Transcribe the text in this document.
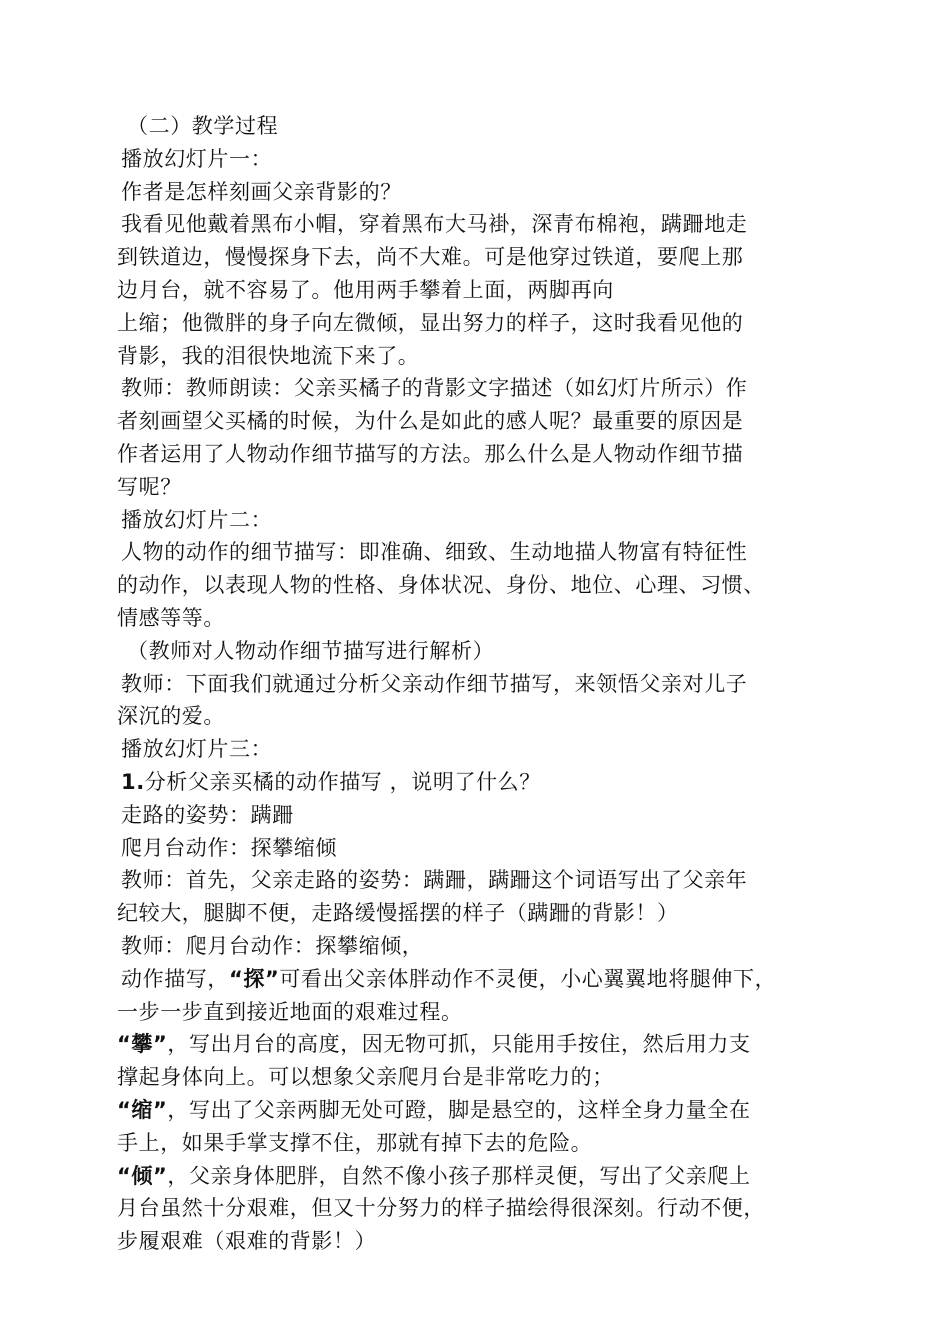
（二）教学过程
播放幻灯片一：
作者是怎样刻画父亲背影的？
我看见他戴着黑布小帽，穿着黑布大马褂，深青布棉袍，蹒跚地走
到铁道边，慢慢探身下去，尚不大难。可是他穿过铁道，要爬上那
边月台，就不容易了。他用两手攀着上面，两脚再向
上缩；他微胖的身子向左微倾，显出努力的样子，这时我看见他的
背影，我的泪很快地流下来了。
教师：教师朗读：父亲买橘子的背影文字描述（如幻灯片所示）作
者刻画望父买橘的时候，为什么是如此的感人呢？最重要的原因是
作者运用了人物动作细节描写的方法。那么什么是人物动作细节描
写呢？
播放幻灯片二：
人物的动作的细节描写：即准确、细致、生动地描人物富有特征性
的动作，以表现人物的性格、身体状况、身份、地位、心理、习惯、
情感等等。
（教师对人物动作细节描写进行解析）
教师：下面我们就通过分析父亲动作细节描写，来领悟父亲对儿子
深沉的爱。
播放幻灯片三：
1.分析父亲买橘的动作描写 ，说明了什么？
走路的姿势：蹒跚
爬月台动作：探攀缩倾
教师：首先，父亲走路的姿势：蹒跚，蹒跚这个词语写出了父亲年
纪较大，腿脚不便，走路缓慢摇摆的样子（蹒跚的背影！）
教师：爬月台动作：探攀缩倾，
动作描写，“探”可看出父亲体胖动作不灵便，小心翼翼地将腿伸下，
一步一步直到接近地面的艰难过程。
“攀”，写出月台的高度，因无物可抓，只能用手按住，然后用力支
撑起身体向上。可以想象父亲爬月台是非常吃力的；
“缩”，写出了父亲两脚无处可蹬，脚是悬空的，这样全身力量全在
手上，如果手掌支撑不住，那就有掉下去的危险。
“倾”，父亲身体肥胖，自然不像小孩子那样灵便，写出了父亲爬上
月台虽然十分艰难，但又十分努力的样子描绘得很深刻。行动不便，
步履艰难（艰难的背影！）
